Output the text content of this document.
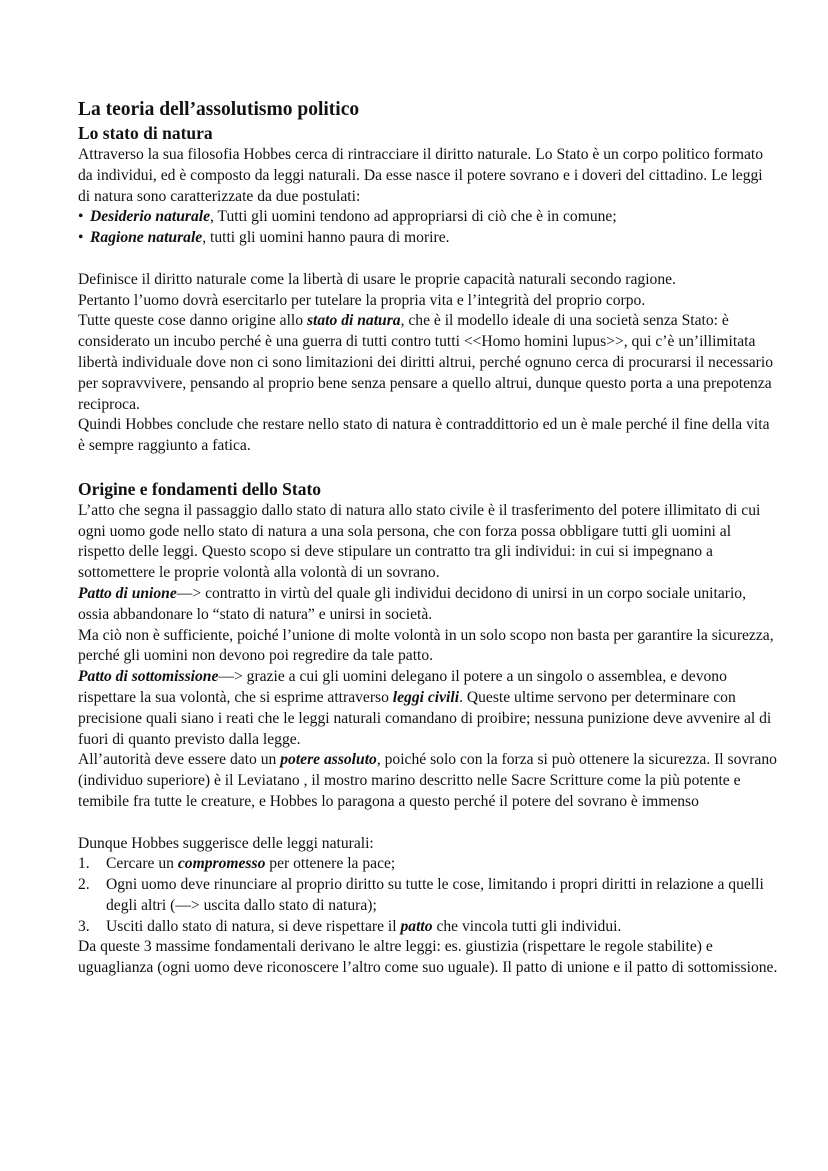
La teoria dell’assolutismo politico
Lo stato di natura

Attraverso la sua filosofia Hobbes cerca di rintracciare il diritto naturale. Lo Stato è un corpo politico formato da individui, ed è composto da leggi naturali. Da esse nasce il potere sovrano e i doveri del cittadino. Le leggi di natura sono caratterizzate da due postulati:

• Desiderio naturale, Tutti gli uomini tendono ad appropriarsi di ciò che è in comune;
• Ragione naturale, tutti gli uomini hanno paura di morire.

Definisce il diritto naturale come la libertà di usare le proprie capacità naturali secondo ragione.

Pertanto l’uomo dovrà esercitarlo per tutelare la propria vita e l’integrità del proprio corpo.

Tutte queste cose danno origine allo stato di natura, che è il modello ideale di una società senza Stato: è considerato un incubo perché è una guerra di tutti contro tutti <<Homo homini lupus>>, qui c’è un’illimitata libertà individuale dove non ci sono limitazioni dei diritti altrui, perché ognuno cerca di procurarsi il necessario per sopravvivere, pensando al proprio bene senza pensare a quello altrui, dunque questo porta a una prepotenza reciproca.

Quindi Hobbes conclude che restare nello stato di natura è contraddittorio ed un è male perché il fine della vita è sempre raggiunto a fatica.

Origine e fondamenti dello Stato

L’atto che segna il passaggio dallo stato di natura allo stato civile è il trasferimento del potere illimitato di cui ogni uomo gode nello stato di natura a una sola persona, che con forza possa obbligare tutti gli uomini al rispetto delle leggi. Questo scopo si deve stipulare un contratto tra gli individui: in cui si impegnano a sottomettere le proprie volontà alla volontà di un sovrano.

Patto di unione—> contratto in virtù del quale gli individui decidono di unirsi in un corpo sociale unitario, ossia abbandonare lo “stato di natura” e unirsi in società.

Ma ciò non è sufficiente, poiché l’unione di molte volontà in un solo scopo non basta per garantire la sicurezza, perché gli uomini non devono poi regredire da tale patto.

Patto di sottomissione—> grazie a cui gli uomini delegano il potere a un singolo o assemblea, e devono rispettare la sua volontà, che si esprime attraverso leggi civili. Queste ultime servono per determinare con precisione quali siano i reati che le leggi naturali comandano di proibire; nessuna punizione deve avvenire al di fuori di quanto previsto dalla legge.

All’autorità deve essere dato un potere assoluto, poiché solo con la forza si può ottenere la sicurezza. Il sovrano (individuo superiore) è il Leviatano , il mostro marino descritto nelle Sacre Scritture come la più potente e temibile fra tutte le creature, e Hobbes lo paragona a questo perché il potere del sovrano è immenso

Dunque Hobbes suggerisce delle leggi naturali:

1. Cercare un compromesso per ottenere la pace;
2. Ogni uomo deve rinunciare al proprio diritto su tutte le cose, limitando i propri diritti in relazione a quelli degli altri (—> uscita dallo stato di natura);
3. Usciti dallo stato di natura, si deve rispettare il patto che vincola tutti gli individui.

Da queste 3 massime fondamentali derivano le altre leggi: es. giustizia (rispettare le regole stabilite) e uguaglianza (ogni uomo deve riconoscere l’altro come suo uguale). Il patto di unione e il patto di sottomissione.
